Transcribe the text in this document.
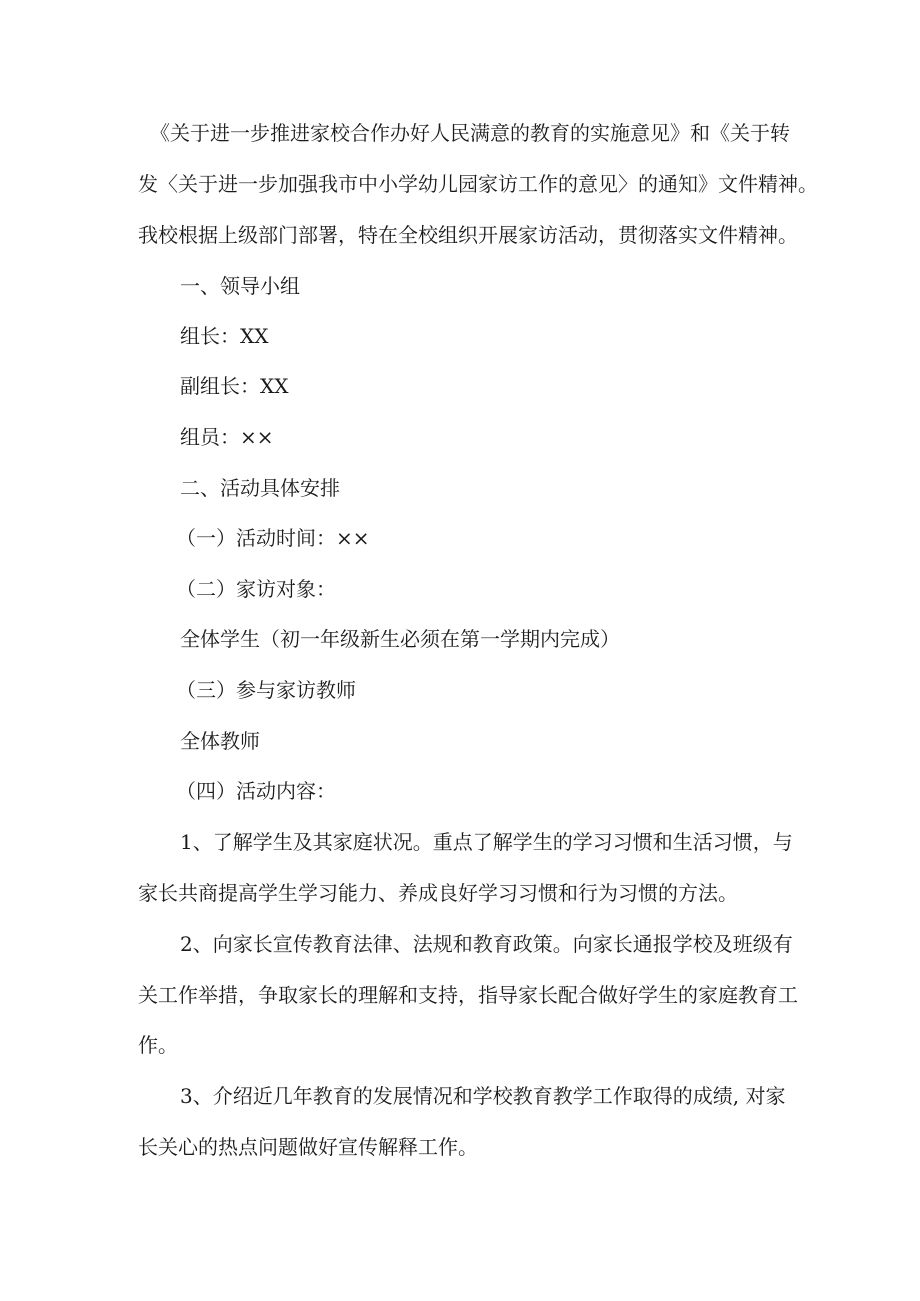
《关于进一步推进家校合作办好人民满意的教育的实施意见》和《关于转
发〈关于进一步加强我市中小学幼儿园家访工作的意见〉的通知》文件精神。
我校根据上级部门部署，特在全校组织开展家访活动，贯彻落实文件精神。
一、领导小组
组长：XX
副组长：XX
组员：××
二、活动具体安排
（一）活动时间：××
（二）家访对象：
全体学生（初一年级新生必须在第一学期内完成）
（三）参与家访教师
全体教师
（四）活动内容：
1、了解学生及其家庭状况。重点了解学生的学习习惯和生活习惯，与
家长共商提高学生学习能力、养成良好学习习惯和行为习惯的方法。
2、向家长宣传教育法律、法规和教育政策。向家长通报学校及班级有
关工作举措，争取家长的理解和支持，指导家长配合做好学生的家庭教育工
作。
3、介绍近几年教育的发展情况和学校教育教学工作取得的成绩, 对家
长关心的热点问题做好宣传解释工作。
